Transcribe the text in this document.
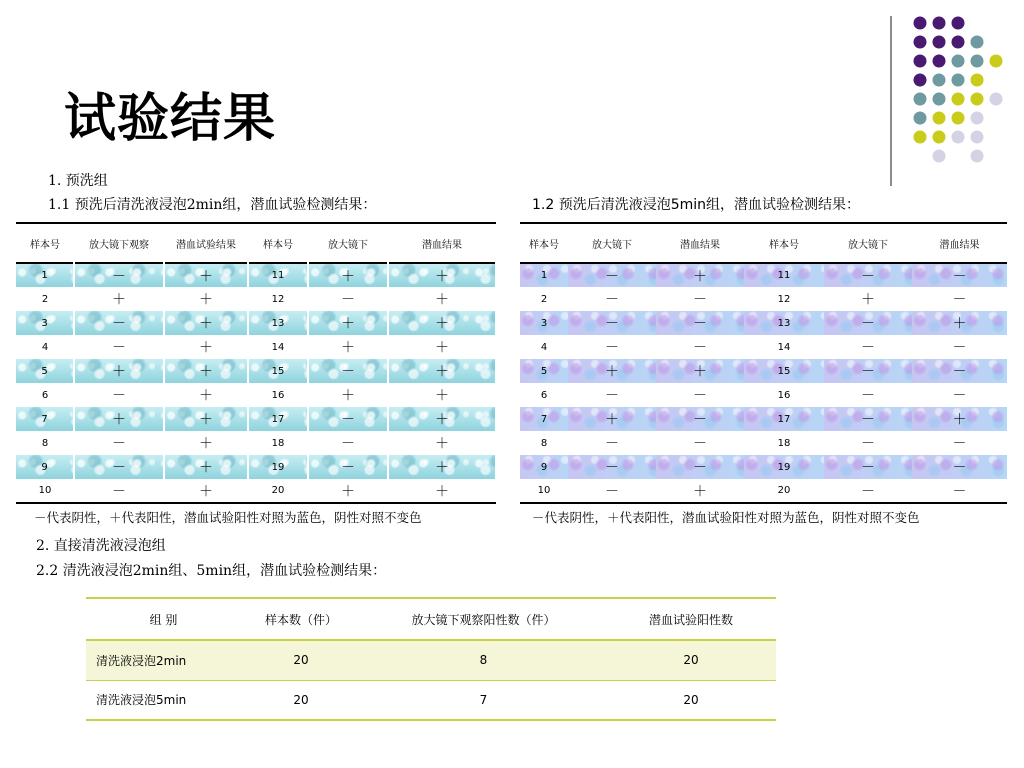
试验结果

1. 预洗组

1.1 预洗后清洗液浸泡2min组，潜血试验检测结果：	1.2 预洗后清洗液浸泡5min组，潜血试验检测结果：

样本号	放大镜下观察	潜血试验结果	样本号	放大镜下	潜血结果
1	－	＋	11	＋	＋
2	＋	＋	12	－	＋
3	－	＋	13	＋	＋
4	－	＋	14	＋	＋
5	＋	＋	15	－	＋
6	－	＋	16	＋	＋
7	＋	＋	17	－	＋
8	－	＋	18	－	＋
9	－	＋	19	－	＋
10	－	＋	20	＋	＋
样本号	放大镜下	潜血结果	样本号	放大镜下	潜血结果
1	－	＋	11	－	－
2	－	－	12	＋	－
3	－	－	13	－	＋
4	－	－	14	－	－
5	＋	＋	15	－	－
6	－	－	16	－	－
7	＋	－	17	－	＋
8	－	－	18	－	－
9	－	－	19	－	－
10	－	＋	20	－	－

－代表阴性，＋代表阳性，潜血试验阳性对照为蓝色，阴性对照不变色	－代表阴性，＋代表阳性，潜血试验阳性对照为蓝色，阴性对照不变色

2. 直接清洗液浸泡组

2.2 清洗液浸泡2min组、5min组，潜血试验检测结果：

组 别	样本数（件）	放大镜下观察阳性数（件）	潜血试验阳性数
清洗液浸泡2min	20	8	20
清洗液浸泡5min	20	7	20
